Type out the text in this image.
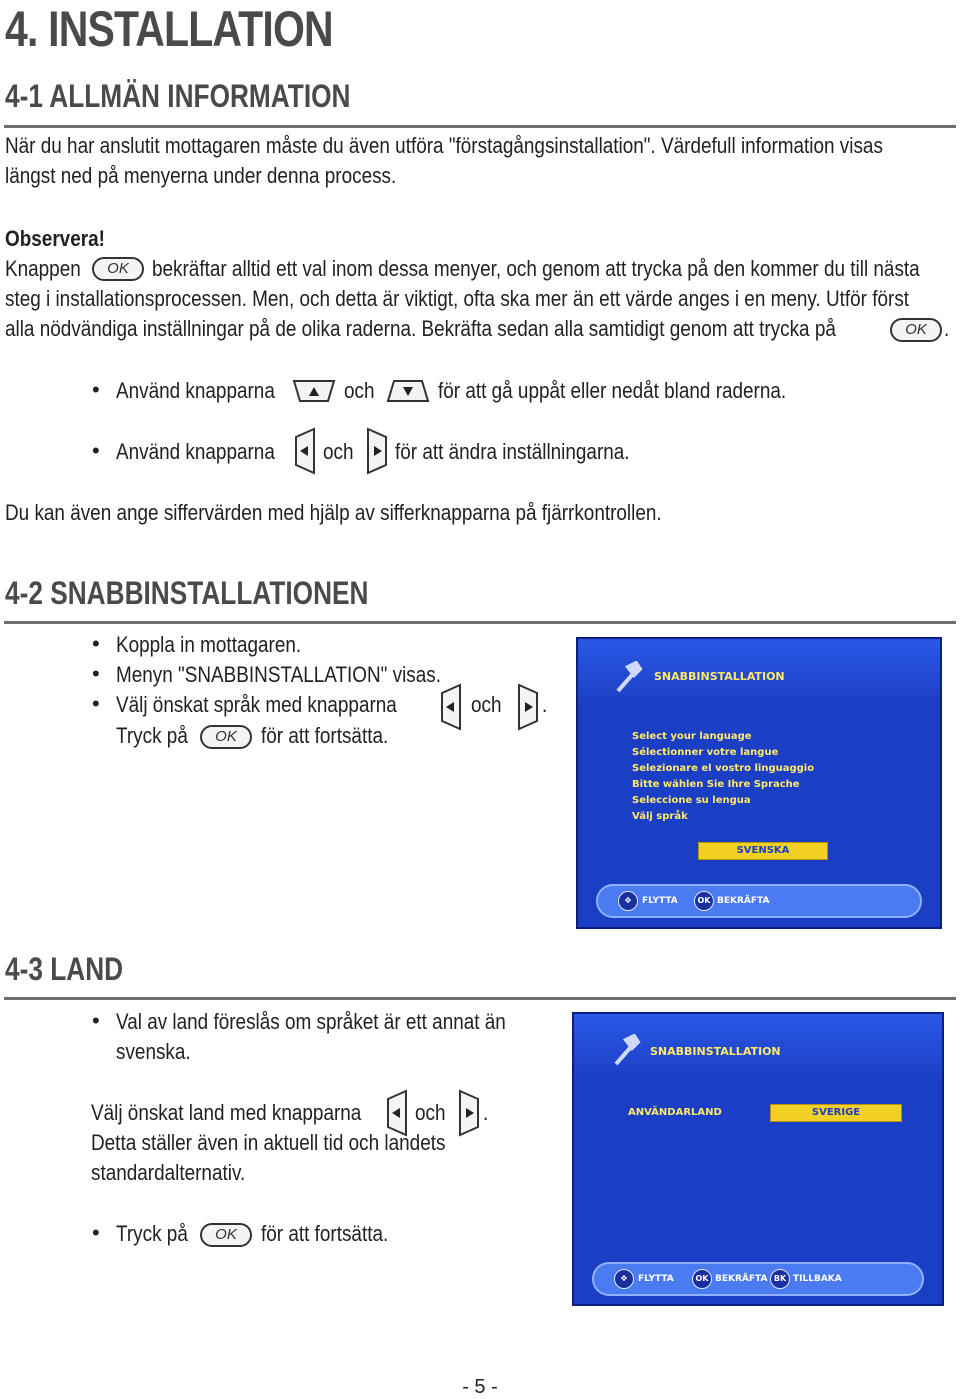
4. INSTALLATION
4-1 ALLMÄN INFORMATION
När du har anslutit mottagaren måste du även utföra "förstagångsinstallation". Värdefull information visas
längst ned på menyerna under denna process.
Observera!
Knappen	OK	bekräftar alltid ett val inom dessa menyer, och genom att trycka på den kommer du till nästa
steg i installationsprocessen. Men, och detta är viktigt, ofta ska mer än ett värde anges i en meny. Utför först
alla nödvändiga inställningar på de olika raderna. Bekräfta sedan alla samtidigt genom att trycka på	OK .
• Använd knapparna	och	för att gå uppåt eller nedåt bland raderna.
• Använd knapparna och för att ändra inställningarna.
Du kan även ange siffervärden med hjälp av sifferknapparna på fjärrkontrollen.
4-2 SNABBINSTALLATIONEN
• Koppla in mottagaren.
• Menyn "SNABBINSTALLATION" visas.
• Välj önskat språk med knapparna	och .
Tryck på	OK	för att fortsätta.
SNABBINSTALLATION
Select your language
Sélectionner votre langue
Selezionare el vostro linguaggio
Bitte wählen Sie Ihre Sprache
Seleccione su lengua
Välj språk
SVENSKA
✥	FLYTTA	OK BEKRÄFTA
4-3 LAND
• Val av land föreslås om språket är ett annat än
svenska.
Välj önskat land med knapparna och .
Detta ställer även in aktuell tid och landets
standardalternativ.
• Tryck på	OK	för att fortsätta.
SNABBINSTALLATION
ANVÄNDARLAND	SVERIGE
✥	FLYTTA	OK BEKRÄFTA BK TILLBAKA
- 5 -
